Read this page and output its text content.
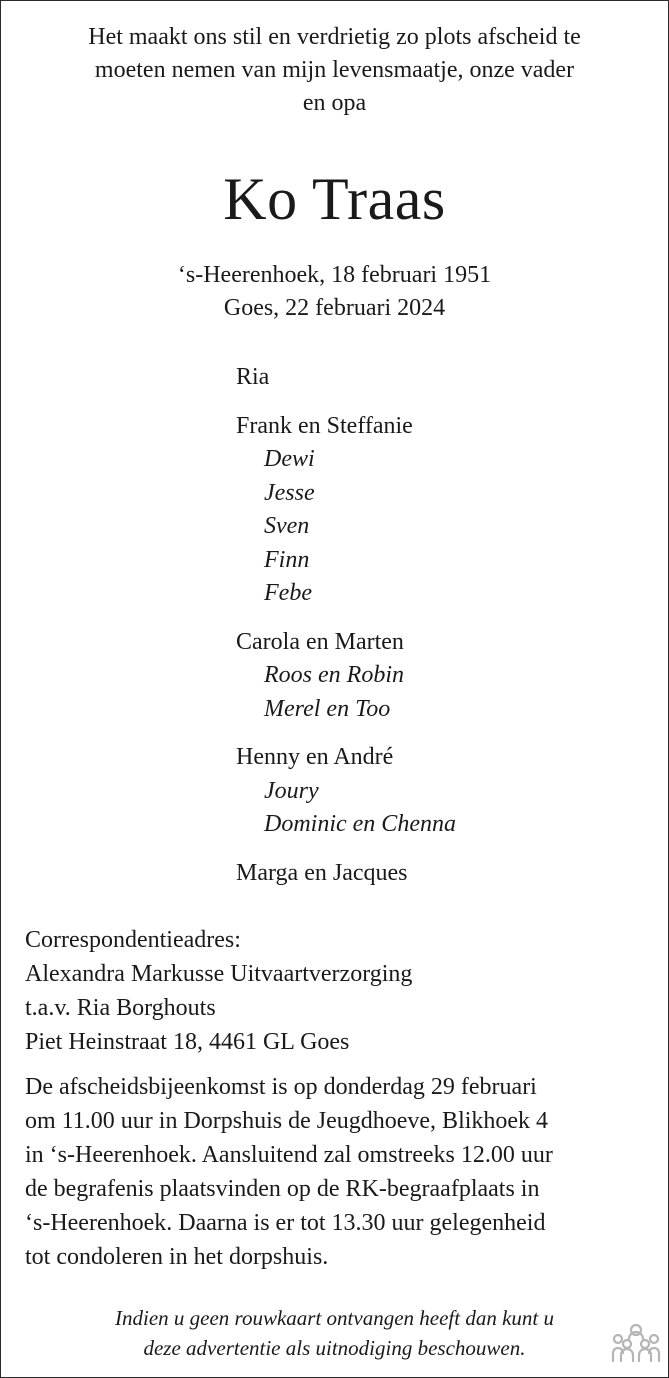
Het maakt ons stil en verdrietig zo plots afscheid te
moeten nemen van mijn levensmaatje, onze vader
en opa
Ko Traas
‘s-Heerenhoek, 18 februari 1951
Goes, 22 februari 2024
Ria
Frank en Steffanie
Dewi
Jesse
Sven
Finn
Febe
Carola en Marten
Roos en Robin
Merel en Too
Henny en André
Joury
Dominic en Chenna
Marga en Jacques
Correspondentieadres:
Alexandra Markusse Uitvaartverzorging
t.a.v. Ria Borghouts
Piet Heinstraat 18, 4461 GL Goes
De afscheidsbijeenkomst is op donderdag 29 februari
om 11.00 uur in Dorpshuis de Jeugdhoeve, Blikhoek 4
in ‘s-Heerenhoek. Aansluitend zal omstreeks 12.00 uur
de begrafenis plaatsvinden op de RK-begraafplaats in
‘s-Heerenhoek. Daarna is er tot 13.30 uur gelegenheid
tot condoleren in het dorpshuis.
Indien u geen rouwkaart ontvangen heeft dan kunt u
deze advertentie als uitnodiging beschouwen.
